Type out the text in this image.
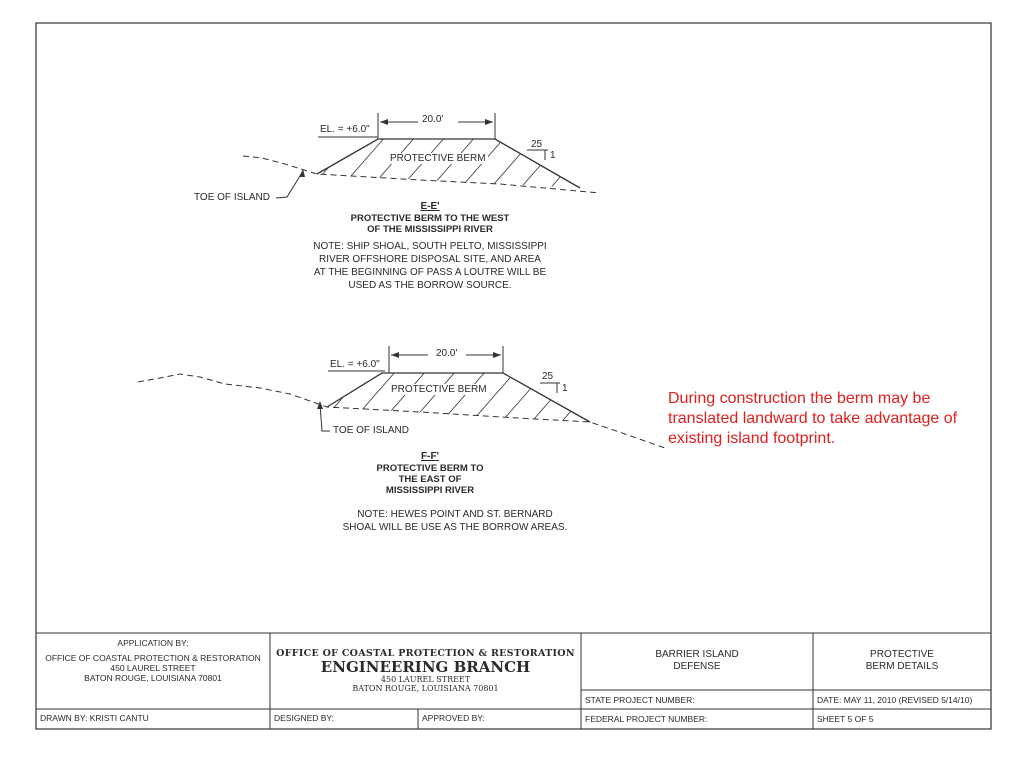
20.0'
EL. = +6.0"
25
1
PROTECTIVE BERM
TOE OF ISLAND
E-E'
PROTECTIVE BERM TO THE WEST
OF THE MISSISSIPPI RIVER
NOTE: SHIP SHOAL, SOUTH PELTO, MISSISSIPPI
RIVER OFFSHORE DISPOSAL SITE, AND AREA
AT THE BEGINNING OF PASS A LOUTRE WILL BE
USED AS THE BORROW SOURCE.
20.0'
EL. = +6.0"
25
1
PROTECTIVE BERM
TOE OF ISLAND
F-F'
PROTECTIVE BERM TO
THE EAST OF
MISSISSIPPI RIVER
NOTE: HEWES POINT AND ST. BERNARD
SHOAL WILL BE USE AS THE BORROW AREAS.
During construction the berm may be translated landward to take advantage of existing island footprint.
APPLICATION BY:
OFFICE OF COASTAL PROTECTION & RESTORATION
450 LAUREL STREET
BATON ROUGE, LOUISIANA 70801
OFFICE OF COASTAL PROTECTION & RESTORATION
ENGINEERING BRANCH
450 LAUREL STREET
BATON ROUGE, LOUISIANA 70801
BARRIER ISLAND
DEFENSE
PROTECTIVE
BERM DETAILS
STATE PROJECT NUMBER:	DATE: MAY 11, 2010 (REVISED 5/14/10)
DRAWN BY: KRISTI CANTU	DESIGNED BY:	APPROVED BY:	FEDERAL PROJECT NUMBER:	SHEET 5 OF 5
